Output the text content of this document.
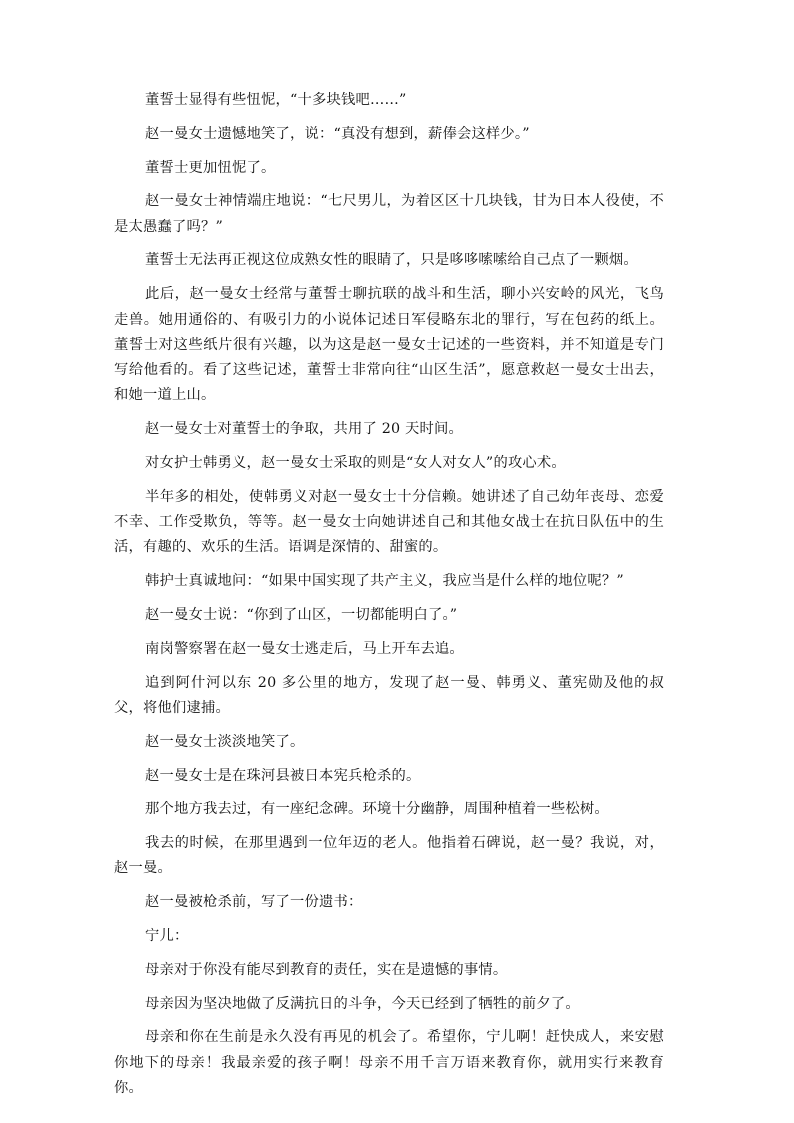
董誓士显得有些忸怩，“十多块钱吧……”

赵一曼女士遗憾地笑了，说：“真没有想到，薪俸会这样少。”

董誓士更加忸怩了。

赵一曼女士神情端庄地说：“七尺男儿，为着区区十几块钱，甘为日本人役使，不是太愚蠢了吗？”

董誓士无法再正视这位成熟女性的眼睛了，只是哆哆嗦嗦给自己点了一颗烟。

此后，赵一曼女士经常与董誓士聊抗联的战斗和生活，聊小兴安岭的风光，飞鸟走兽。她用通俗的、有吸引力的小说体记述日军侵略东北的罪行，写在包药的纸上。董誓士对这些纸片很有兴趣，以为这是赵一曼女士记述的一些资料，并不知道是专门写给他看的。看了这些记述，董誓士非常向往“山区生活”，愿意救赵一曼女士出去，和她一道上山。

赵一曼女士对董誓士的争取，共用了 20 天时间。

对女护士韩勇义，赵一曼女士采取的则是“女人对女人”的攻心术。

半年多的相处，使韩勇义对赵一曼女士十分信赖。她讲述了自己幼年丧母、恋爱不幸、工作受欺负，等等。赵一曼女士向她讲述自己和其他女战士在抗日队伍中的生活，有趣的、欢乐的生活。语调是深情的、甜蜜的。

韩护士真诚地问：“如果中国实现了共产主义，我应当是什么样的地位呢？”

赵一曼女士说：“你到了山区，一切都能明白了。”

南岗警察署在赵一曼女士逃走后，马上开车去追。

追到阿什河以东 20 多公里的地方，发现了赵一曼、韩勇义、董宪勋及他的叔父，将他们逮捕。

赵一曼女士淡淡地笑了。

赵一曼女士是在珠河县被日本宪兵枪杀的。

那个地方我去过，有一座纪念碑。环境十分幽静，周围种植着一些松树。

我去的时候，在那里遇到一位年迈的老人。他指着石碑说，赵一曼？我说，对，赵一曼。

赵一曼被枪杀前，写了一份遗书：

宁儿：

母亲对于你没有能尽到教育的责任，实在是遗憾的事情。

母亲因为坚决地做了反满抗日的斗争，今天已经到了牺牲的前夕了。

母亲和你在生前是永久没有再见的机会了。希望你，宁儿啊！赶快成人，来安慰你地下的母亲！我最亲爱的孩子啊！母亲不用千言万语来教育你，就用实行来教育你。
